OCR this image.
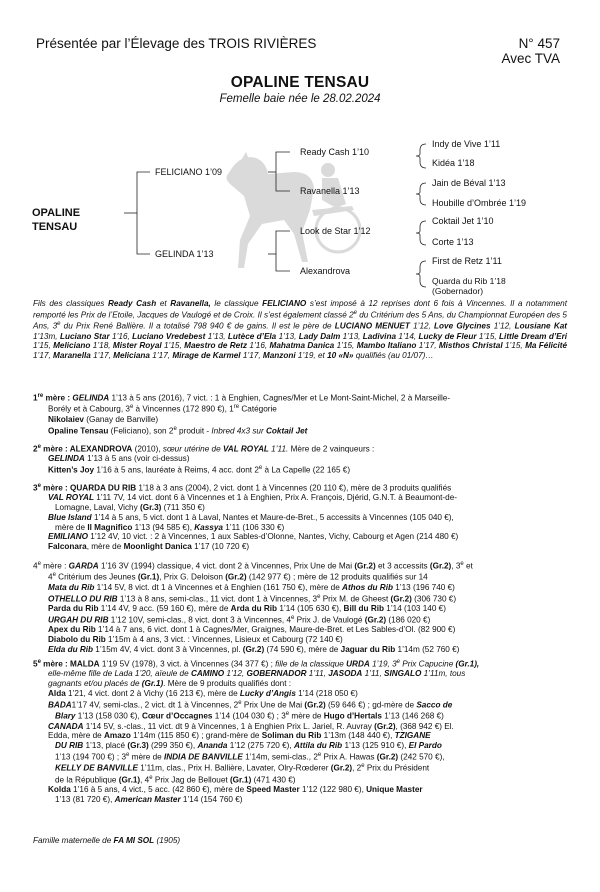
Présentée par l’Élevage des TROIS RIVIÈRES	N° 457
Avec TVA
OPALINE TENSAU
Femelle baie née le 28.02.2024
OPALINE
TENSAU
FELICIANO 1’09
GELINDA 1’13
Ready Cash 1’10
Ravanella 1’13
Look de Star 1’12
Alexandrova
Indy de Vive 1’11
Kidéa 1’18
Jain de Béval 1’13
Houbille d’Ombrée 1’19
Coktail Jet 1’10
Corte 1’13
First de Retz 1’11
Quarda du Rib 1’18
(Gobernador)
Fils des classiques Ready Cash et Ravanella, le classique FELICIANO s’est imposé à 12 reprises dont 6 fois à Vincennes. Il a notamment remporté les Prix de l’Etoile, Jacques de Vaulogé et de Croix. Il s’est également classé 2e du Critérium des 5 Ans, du Championnat Européen des 5 Ans, 3e du Prix René Ballière. Il a totalisé 798 940 € de gains. Il est le père de LUCIANO MENUET 1’12, Love Glycines 1’12, Lousiane Kat 1’13m, Luciano Star 1’16, Luciano Vredebest 1’13, Lutèce d’Ela 1’13, Lady Dalm 1’13, Ladivina 1’14, Lucky de Fleur 1’15, Little Dream d’Eri 1’15, Meliciano 1’18, Mister Royal 1’15, Maestro de Retz 1’16, Mahatma Danica 1’15, Mambo Italiano 1’17, Misthos Christal 1’15, Ma Félicité 1’17, Maranella 1’17, Meliciana 1’17, Mirage de Karmel 1’17, Manzoni 1’19, et 10 «N» qualifiés (au 01/07)…

1re mère : GELINDA 1’13 à 5 ans (2016), 7 vict. : 1 à Enghien, Cagnes/Mer et Le Mont-Saint-Michel, 2 à Marseille-

Borély et à Cabourg, 3e à Vincennes (172 890 €), 1re Catégorie

Nikolaiev (Ganay de Banville)

Opaline Tensau (Feliciano), son 2e produit - Inbred 4x3 sur Coktail Jet

2e mère : ALEXANDROVA (2010), sœur utérine de VAL ROYAL 1’11. Mère de 2 vainqueurs :

GELINDA 1’13 à 5 ans (voir ci-dessus)

Kitten’s Joy 1’16 à 5 ans, lauréate à Reims, 4 acc. dont 2e à La Capelle (22 165 €)

3e mère : QUARDA DU RIB 1’18 à 3 ans (2004), 2 vict. dont 1 à Vincennes (20 110 €), mère de 3 produits qualifiés

VAL ROYAL 1’11 7V, 14 vict. dont 6 à Vincennes et 1 à Enghien, Prix A. François, Djérid, G.N.T. à Beaumont-de-

Lomagne, Laval, Vichy (Gr.3) (711 350 €)

Blue Island 1’14 à 5 ans, 5 vict. dont 1 à Laval, Nantes et Maure-de-Bret., 5 accessits à Vincennes (105 040 €),

mère de Il Magnifico 1’13 (94 585 €), Kassya 1’11 (106 330 €)

EMILIANO 1’12 4V, 10 vict. : 2 à Vincennes, 1 aux Sables-d’Olonne, Nantes, Vichy, Cabourg et Agen (214 480 €)

Falconara, mère de Moonlight Danica 1’17 (10 720 €)

4e mère : GARDA 1’16 3V (1994) classique, 4 vict. dont 2 à Vincennes, Prix Une de Mai (Gr.2) et 3 accessits (Gr.2), 3e et

4e Critérium des Jeunes (Gr.1), Prix G. Deloison (Gr.2) (142 977 €) ; mère de 12 produits qualifiés sur 14

Mata du Rib 1’14 5V, 8 vict. dt 1 à Vincennes et à Enghien (161 750 €), mère de Athos du Rib 1’13 (196 740 €)

OTHELLO DU RIB 1’13 à 8 ans, semi-clas., 11 vict. dont 1 à Vincennes, 3e Prix M. de Gheest (Gr.2) (306 730 €)

Parda du Rib 1’14 4V, 9 acc. (59 160 €), mère de Arda du Rib 1’14 (105 630 €), Bill du Rib 1’14 (103 140 €)

URGAH DU RIB 1’12 10V, semi-clas., 8 vict. dont 3 à Vincennes, 4e Prix J. de Vaulogé (Gr.2) (186 020 €)

Apex du Rib 1’14 à 7 ans, 6 vict. dont 1 à Cagnes/Mer, Graignes, Maure-de-Bret. et Les Sables-d’Ol. (82 900 €)

Diabolo du Rib 1’15m à 4 ans, 3 vict. : Vincennes, Lisieux et Cabourg (72 140 €)

Elda du Rib 1’15m 4V, 4 vict. dont 3 à Vincennes, pl. (Gr.2) (74 590 €), mère de Jaguar du Rib 1’14m (52 760 €)

5e mère : MALDA 1’19 5V (1978), 3 vict. à Vincennes (34 377 €) ; fille de la classique URDA 1’19, 3e Prix Capucine (Gr.1),

elle-même fille de Lada 1’20, aïeule de CAMINO 1’12, GOBERNADOR 1’11, JASODA 1’11, SINGALO 1’11m, tous

gagnants et/ou placés de (Gr.1). Mère de 9 produits qualifiés dont :

Alda 1’21, 4 vict. dont 2 à Vichy (16 213 €), mère de Lucky d’Angis 1’14 (218 050 €)

BADA1’17 4V, semi-clas., 2 vict. dt 1 à Vincennes, 2e Prix Une de Mai (Gr.2) (59 646 €) ; gd-mère de Sacco de

Blary 1’13 (158 030 €), Cœur d’Occagnes 1’14 (104 030 €) ; 3e mère de Hugo d’Hertals 1’13 (146 268 €)

CANADA 1’14 5V, s.-clas., 11 vict. dt 9 à Vincennes, 1 à Enghien Prix L. Jariel, R. Auvray (Gr.2), (368 942 €) El.

Edda, mère de Amazo 1’14m (115 850 €) ; grand-mère de Soliman du Rib 1’13m (148 440 €), TZIGANE

DU RIB 1’13, placé (Gr.3) (299 350 €), Ananda 1’12 (275 720 €), Attila du Rib 1’13 (125 910 €), El Pardo

1’13 (194 700 €) ; 3e mère de INDIA DE BANVILLE 1’14m, semi-clas., 2e Prix A. Hawas (Gr.2) (242 570 €),

KELLY DE BANVILLE 1’11m, clas., Prix H. Ballière, Lavater, Olry-Rœderer (Gr.2), 2e Prix du Président

de la République (Gr.1), 4e Prix Jag de Bellouet (Gr.1) (471 430 €)

Kolda 1’16 à 5 ans, 4 vict., 5 acc. (42 860 €), mère de Speed Master 1’12 (122 980 €), Unique Master

1’13 (81 720 €), American Master 1’14 (154 760 €)

Famille maternelle de FA MI SOL (1905)
